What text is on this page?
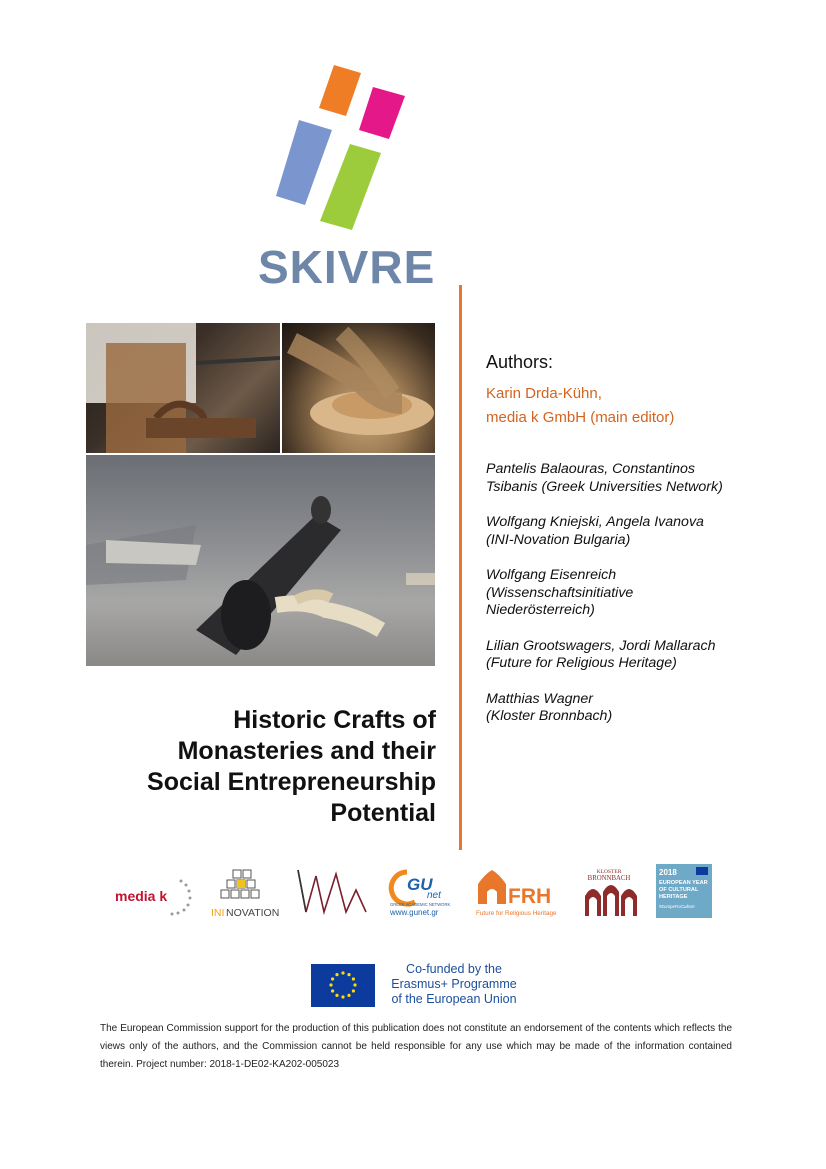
SKIVRE
Historic Crafts of
Monasteries and their
Social Entrepreneurship
Potential
Authors:
Karin Drda-Kühn,
media k GmbH (main editor)
Pantelis Balaouras, Constantinos
Tsibanis (Greek Universities Network)
Wolfgang Kniejski, Angela Ivanova
(INI-Novation Bulgaria)
Wolfgang Eisenreich
(Wissenschaftsinitiative
Niederösterreich)
Lilian Grootswagers, Jordi Mallarach
(Future for Religious Heritage)
Matthias Wagner
(Kloster Bronnbach)
media k
INI NOVATION
GU
net
GREEK ACADEMIC NETWORK
www.gunet.gr
FRH
Future for Religious Heritage
KLOSTER
BRONNBACH
2018
EUROPEAN YEAR
OF CULTURAL
HERITAGE
#EuropeForCulture
Co-funded by the
Erasmus+ Programme
of the European Union
The European Commission support for the production of this publication does not constitute an endorsement of the contents which reflects the views only of the authors, and the Commission cannot be held responsible for any use which may be made of the information contained therein. Project number: 2018-1-DE02-KA202-005023
